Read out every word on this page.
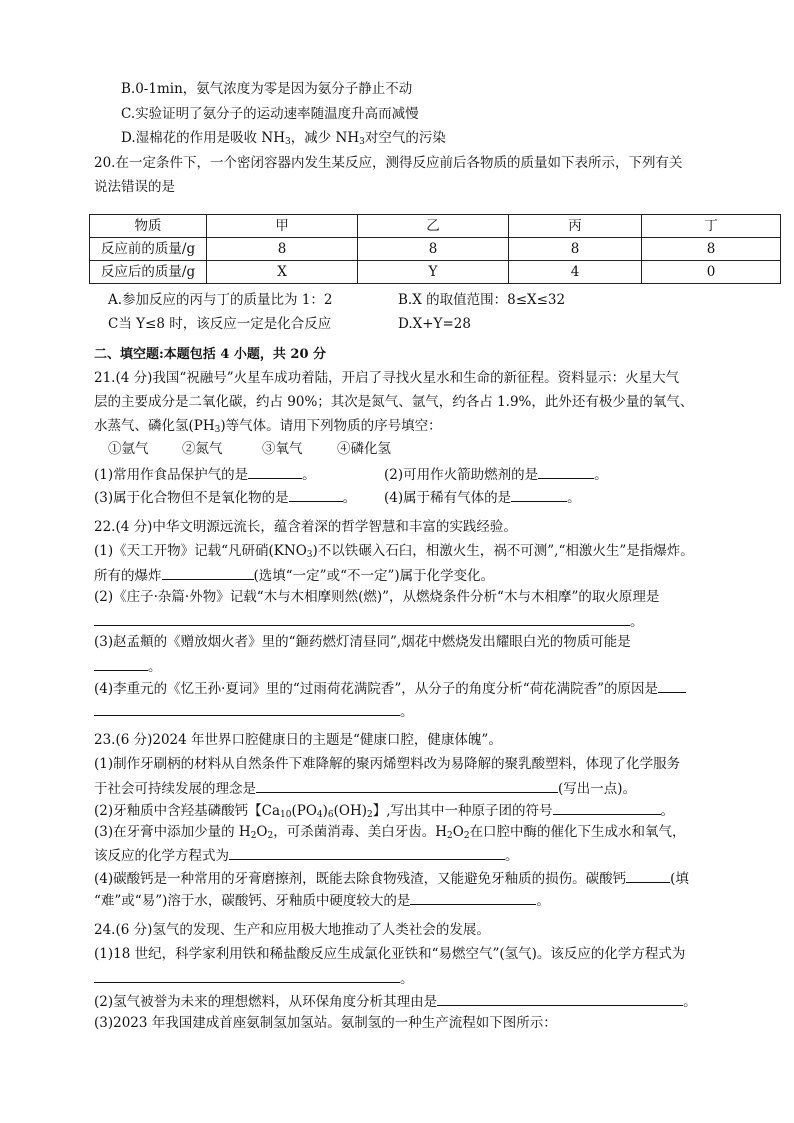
B.0-1min，氨气浓度为零是因为氨分子静止不动
C.实验证明了氨分子的运动速率随温度升高而减慢
D.湿棉花的作用是吸收 $NH_3$，减少 $NH_3$对空气的污染
20.在一定条件下，一个密闭容器内发生某反应，测得反应前后各物质的质量如下表所示，下列有关
说法错误的是
物质	甲	乙	丙	丁
反应前的质量/g	8	8	8	8
反应后的质量/g	X	Y	4	0
A.参加反应的丙与丁的质量比为 1：2	B.X 的取值范围：8≤X≤32
C当 Y≤8 时，该反应一定是化合反应	D.X+Y=28
二、填空题:本题包括 4 小题，共 20 分
21.(4 分)我国“祝融号”火星车成功着陆，开启了寻找火星水和生命的新征程。资料显示：火星大气
层的主要成分是二氧化碳，约占 90%；其次是氮气、氩气，约各占 1.9%，此外还有极少量的氧气、
水蒸气、磷化氢$(PH_3)$等气体。请用下列物质的序号填空：
①氩气 ②氮气	③氧气	④磷化氢
(1)常用作食品保护气的是	。	(2)可用作火箭助燃剂的是	。
(3)属于化合物但不是氧化物的是	。 (4)属于稀有气体的是	。
22.(4 分)中华文明源远流长，蕴含着深的哲学智慧和丰富的实践经验。
(1)《天工开物》记载“凡研硝$(KNO_3)$不以铁碾入石臼，相激火生，祸不可测”,“相激火生”是指爆炸。
所有的爆炸	(选填“一定”或“不一定”)属于化学变化。
(2)《庄子·杂篇·外物》记载“木与木相摩则然(燃)”，从燃烧条件分析“木与木相摩”的取火原理是
。
(3)赵孟頫的《赠放烟火者》里的“鉔药燃灯清昼同”,烟花中燃烧发出耀眼白光的物质可能是
。
(4)李重元的《忆王孙·夏词》里的“过雨荷花满院香”，从分子的角度分析“荷花满院香”的原因是
。
23.(6 分)2024 年世界口腔健康日的主题是“健康口腔，健康体魄”。
(1)制作牙刷柄的材料从自然条件下难降解的聚丙烯塑料改为易降解的聚乳酸塑料，体现了化学服务
于社会可持续发展的理念是	(写出一点)。
(2)牙釉质中含羟基磷酸钙【$Ca_{10}(PO_4)_6(OH)_2$】,写出其中一种原子团的符号	。
(3)在牙膏中添加少量的 $H_2O_2$，可杀菌消毒、美白牙齿。$H_2O_2$在口腔中酶的催化下生成水和氧气，
该反应的化学方程式为	。
(4)碳酸钙是一种常用的牙膏磨擦剂，既能去除食物残渣，又能避免牙釉质的损伤。碳酸钙	(填
“难”或“易”)溶于水，碳酸钙、牙釉质中硬度较大的是	。
24.(6 分)氢气的发现、生产和应用极大地推动了人类社会的发展。
(1)18 世纪，科学家利用铁和稀盐酸反应生成氯化亚铁和“易燃空气”(氢气)。该反应的化学方程式为
。
(2)氢气被誉为未来的理想燃料，从环保角度分析其理由是	。
(3)2023 年我国建成首座氨制氢加氢站。氨制氢的一种生产流程如下图所示：
